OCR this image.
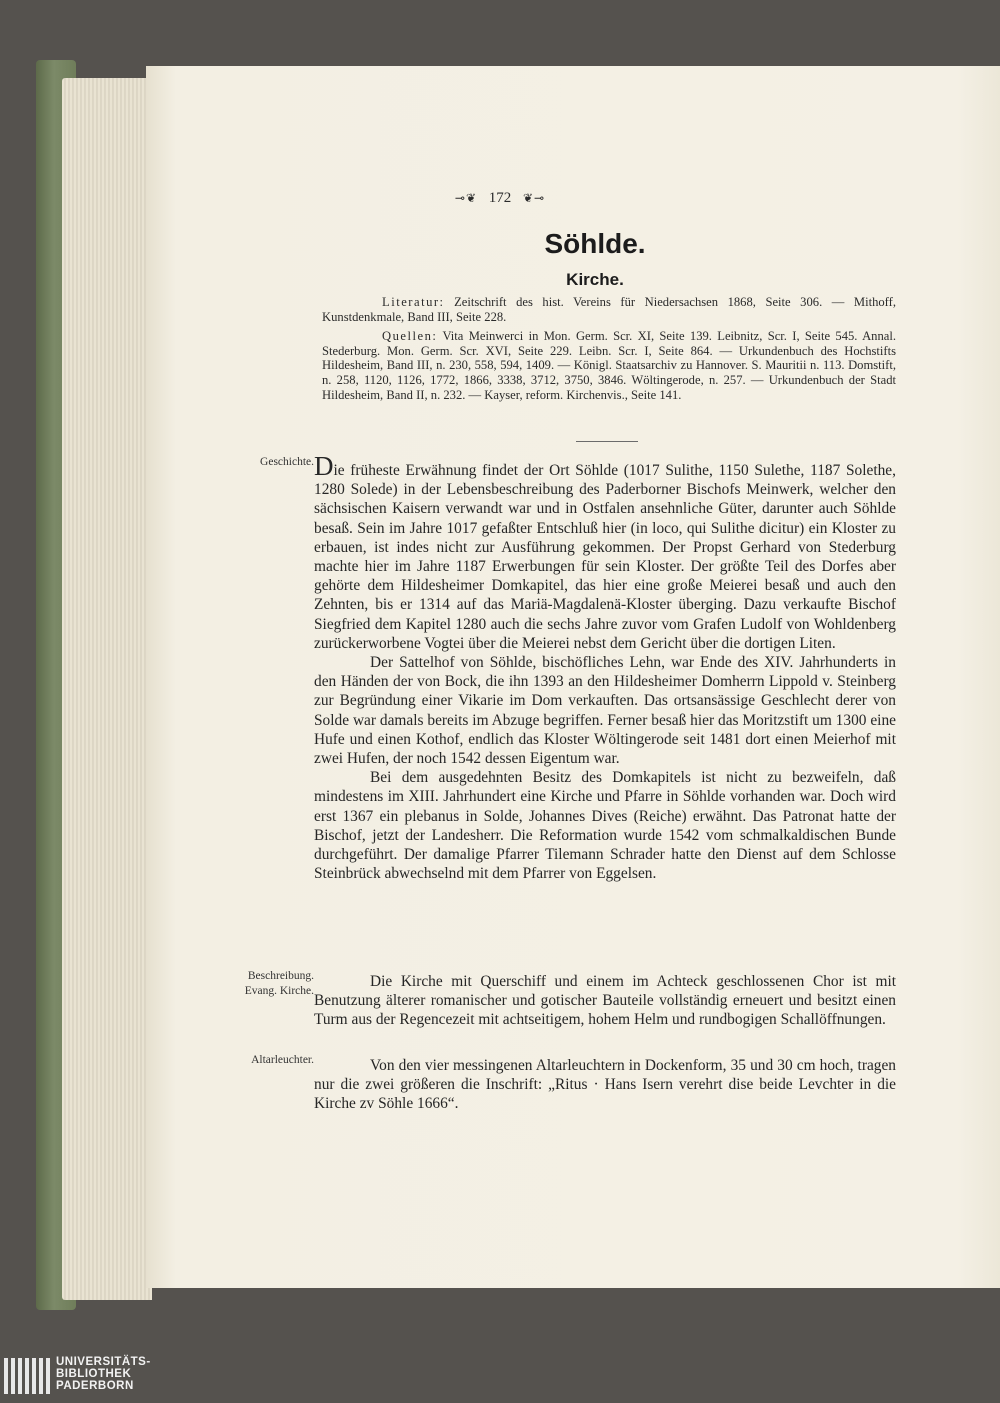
⊸❦ 172 ❦⊸
Söhlde.
Kirche.

Literatur: Zeitschrift des hist. Vereins für Niedersachsen 1868, Seite 306. — Mithoff, Kunstdenkmale, Band III, Seite 228.

Quellen: Vita Meinwerci in Mon. Germ. Scr. XI, Seite 139. Leibnitz, Scr. I, Seite 545. Annal. Stederburg. Mon. Germ. Scr. XVI, Seite 229. Leibn. Scr. I, Seite 864. — Urkundenbuch des Hochstifts Hildesheim, Band III, n. 230, 558, 594, 1409. — Königl. Staatsarchiv zu Hannover. S. Mauritii n. 113. Domstift, n. 258, 1120, 1126, 1772, 1866, 3338, 3712, 3750, 3846. Wöltingerode, n. 257. — Urkundenbuch der Stadt Hildesheim, Band II, n. 232. — Kayser, reform. Kirchenvis., Seite 141.

Geschichte.
Beschreibung.
Evang. Kirche.
Altarleuchter.

Die früheste Erwähnung findet der Ort Söhlde (1017 Sulithe, 1150 Sulethe, 1187 Solethe, 1280 Solede) in der Lebensbeschreibung des Paderborner Bischofs Meinwerk, welcher den sächsischen Kaisern verwandt war und in Ostfalen ansehnliche Güter, darunter auch Söhlde besaß. Sein im Jahre 1017 gefaßter Entschluß hier (in loco, qui Sulithe dicitur) ein Kloster zu erbauen, ist indes nicht zur Ausführung gekommen. Der Propst Gerhard von Stederburg machte hier im Jahre 1187 Erwerbungen für sein Kloster. Der größte Teil des Dorfes aber gehörte dem Hildesheimer Domkapitel, das hier eine große Meierei besaß und auch den Zehnten, bis er 1314 auf das Mariä-Magdalenä-Kloster überging. Dazu verkaufte Bischof Siegfried dem Kapitel 1280 auch die sechs Jahre zuvor vom Grafen Ludolf von Wohldenberg zurückerworbene Vogtei über die Meierei nebst dem Gericht über die dortigen Liten.

Der Sattelhof von Söhlde, bischöfliches Lehn, war Ende des XIV. Jahrhunderts in den Händen der von Bock, die ihn 1393 an den Hildesheimer Domherrn Lippold v. Steinberg zur Begründung einer Vikarie im Dom verkauften. Das ortsansässige Geschlecht derer von Solde war damals bereits im Abzuge begriffen. Ferner besaß hier das Moritzstift um 1300 eine Hufe und einen Kothof, endlich das Kloster Wöltingerode seit 1481 dort einen Meierhof mit zwei Hufen, der noch 1542 dessen Eigentum war.

Bei dem ausgedehnten Besitz des Domkapitels ist nicht zu bezweifeln, daß mindestens im XIII. Jahrhundert eine Kirche und Pfarre in Söhlde vorhanden war. Doch wird erst 1367 ein plebanus in Solde, Johannes Dives (Reiche) erwähnt. Das Patronat hatte der Bischof, jetzt der Landesherr. Die Reformation wurde 1542 vom schmalkaldischen Bunde durchgeführt. Der damalige Pfarrer Tilemann Schrader hatte den Dienst auf dem Schlosse Steinbrück abwechselnd mit dem Pfarrer von Eggelsen.

Die Kirche mit Querschiff und einem im Achteck geschlossenen Chor ist mit Benutzung älterer romanischer und gotischer Bauteile vollständig erneuert und besitzt einen Turm aus der Regencezeit mit achtseitigem, hohem Helm und rundbogigen Schallöffnungen.

Von den vier messingenen Altarleuchtern in Dockenform, 35 und 30 cm hoch, tragen nur die zwei größeren die Inschrift: „Ritus · Hans Isern verehrt dise beide Levchter in die Kirche zv Söhle 1666“.

UNIVERSITÄTS-
BIBLIOTHEK
PADERBORN
